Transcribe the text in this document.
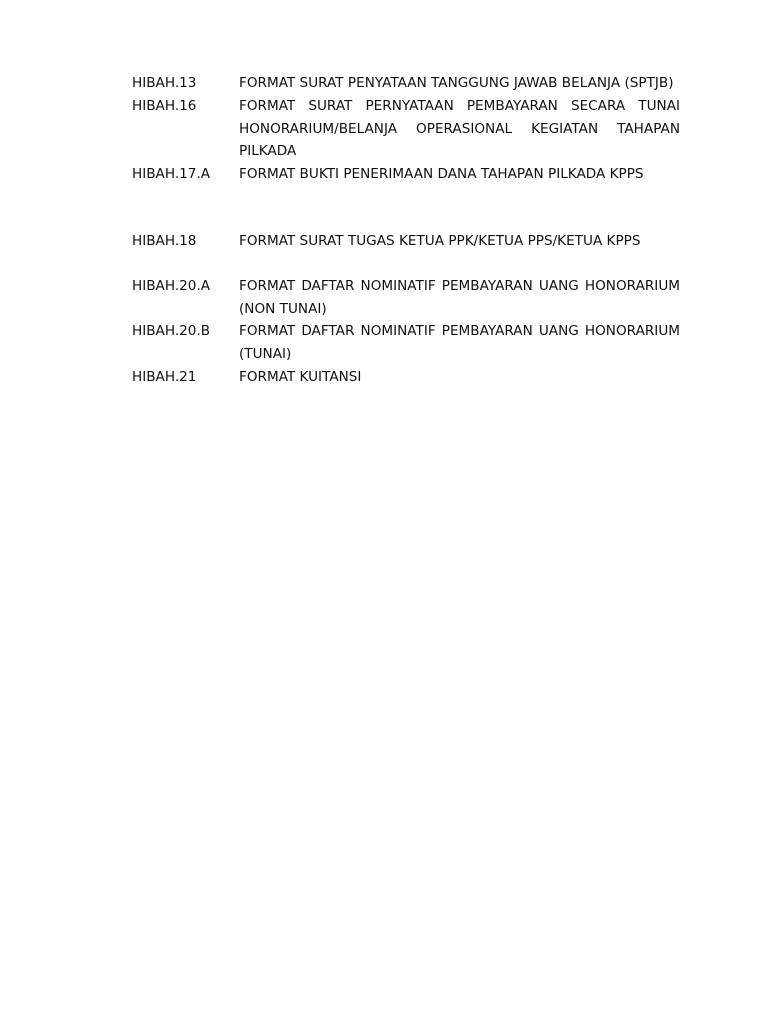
HIBAH.13	FORMAT SURAT PENYATAAN TANGGUNG JAWAB BELANJA (SPTJB)
HIBAH.16	FORMAT SURAT PERNYATAAN PEMBAYARAN SECARA TUNAI HONORARIUM/BELANJA OPERASIONAL KEGIATAN TAHAPAN PILKADA
HIBAH.17.A	FORMAT BUKTI PENERIMAAN DANA TAHAPAN PILKADA KPPS
HIBAH.18	FORMAT SURAT TUGAS KETUA PPK/KETUA PPS/KETUA KPPS
HIBAH.20.A	FORMAT DAFTAR NOMINATIF PEMBAYARAN UANG HONORARIUM (NON TUNAI)
HIBAH.20.B	FORMAT DAFTAR NOMINATIF PEMBAYARAN UANG HONORARIUM (TUNAI)
HIBAH.21	FORMAT KUITANSI
